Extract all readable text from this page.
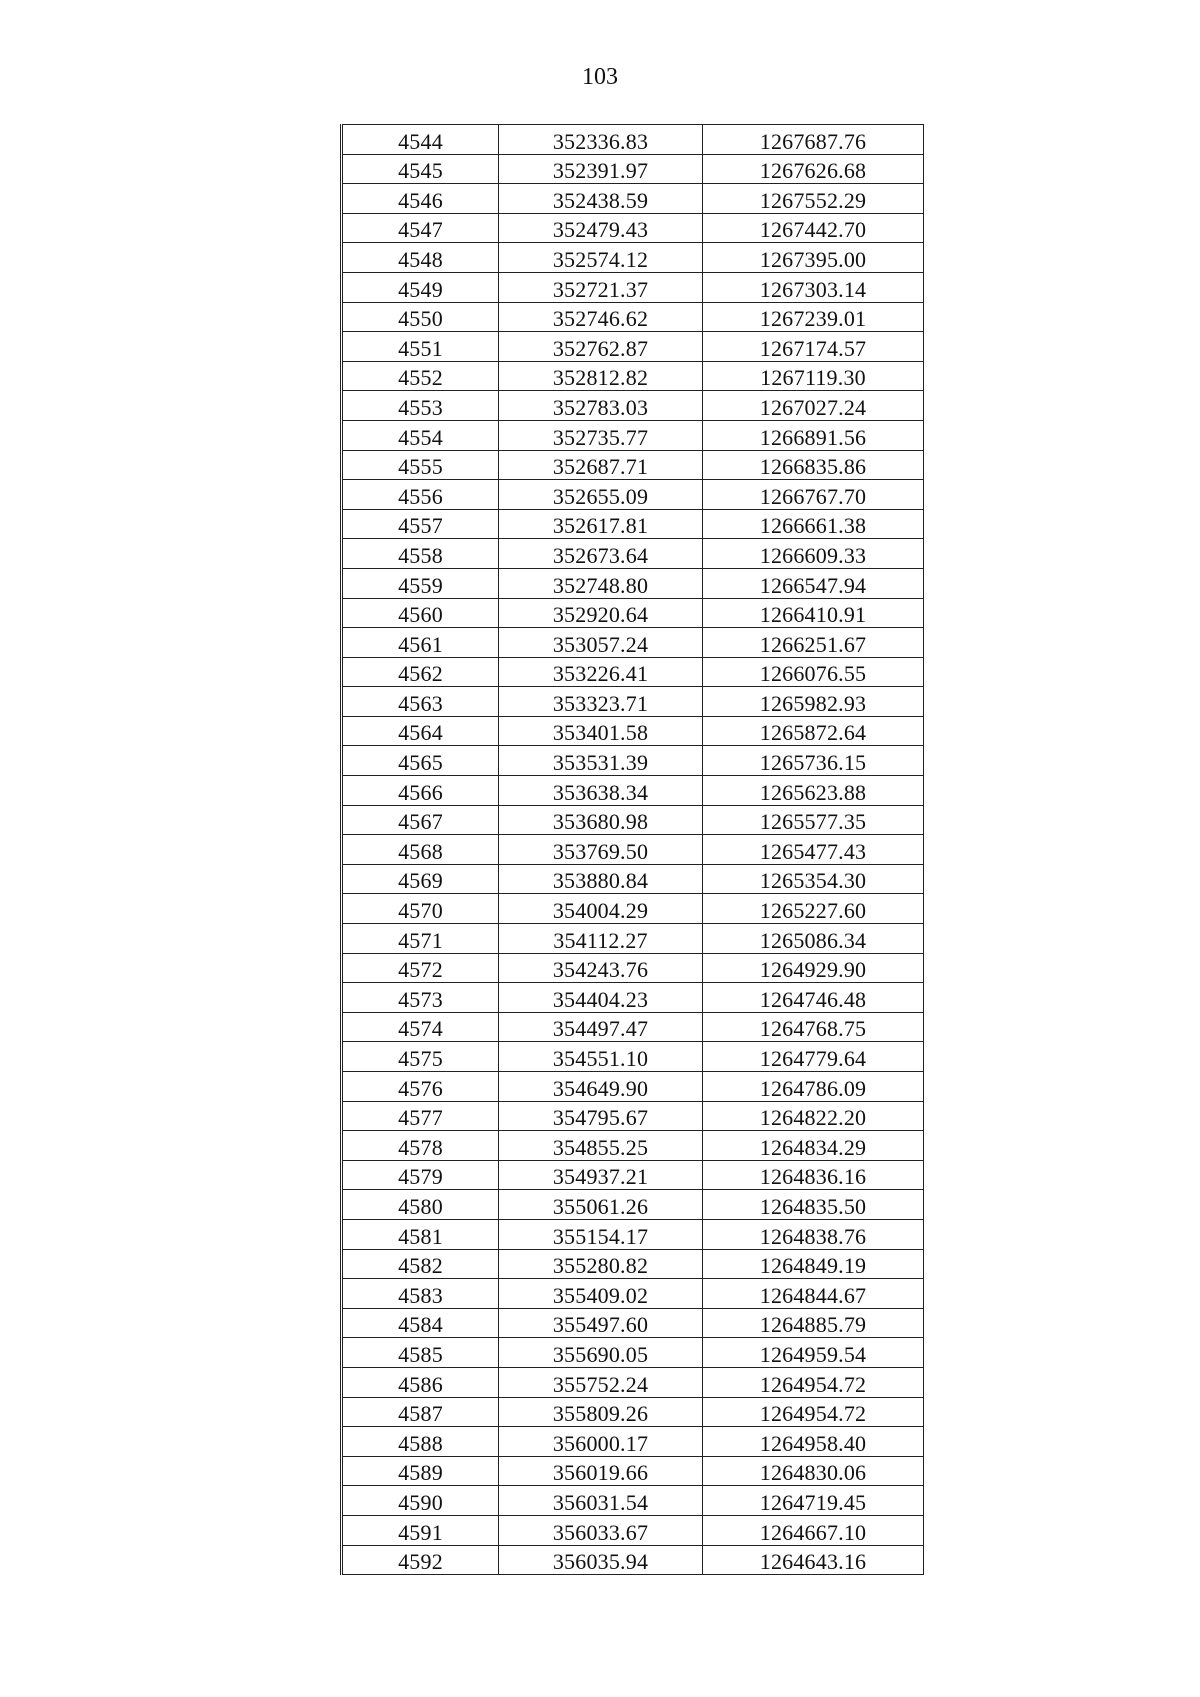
103
4544	352336.83	1267687.76
4545	352391.97	1267626.68
4546	352438.59	1267552.29
4547	352479.43	1267442.70
4548	352574.12	1267395.00
4549	352721.37	1267303.14
4550	352746.62	1267239.01
4551	352762.87	1267174.57
4552	352812.82	1267119.30
4553	352783.03	1267027.24
4554	352735.77	1266891.56
4555	352687.71	1266835.86
4556	352655.09	1266767.70
4557	352617.81	1266661.38
4558	352673.64	1266609.33
4559	352748.80	1266547.94
4560	352920.64	1266410.91
4561	353057.24	1266251.67
4562	353226.41	1266076.55
4563	353323.71	1265982.93
4564	353401.58	1265872.64
4565	353531.39	1265736.15
4566	353638.34	1265623.88
4567	353680.98	1265577.35
4568	353769.50	1265477.43
4569	353880.84	1265354.30
4570	354004.29	1265227.60
4571	354112.27	1265086.34
4572	354243.76	1264929.90
4573	354404.23	1264746.48
4574	354497.47	1264768.75
4575	354551.10	1264779.64
4576	354649.90	1264786.09
4577	354795.67	1264822.20
4578	354855.25	1264834.29
4579	354937.21	1264836.16
4580	355061.26	1264835.50
4581	355154.17	1264838.76
4582	355280.82	1264849.19
4583	355409.02	1264844.67
4584	355497.60	1264885.79
4585	355690.05	1264959.54
4586	355752.24	1264954.72
4587	355809.26	1264954.72
4588	356000.17	1264958.40
4589	356019.66	1264830.06
4590	356031.54	1264719.45
4591	356033.67	1264667.10
4592	356035.94	1264643.16
